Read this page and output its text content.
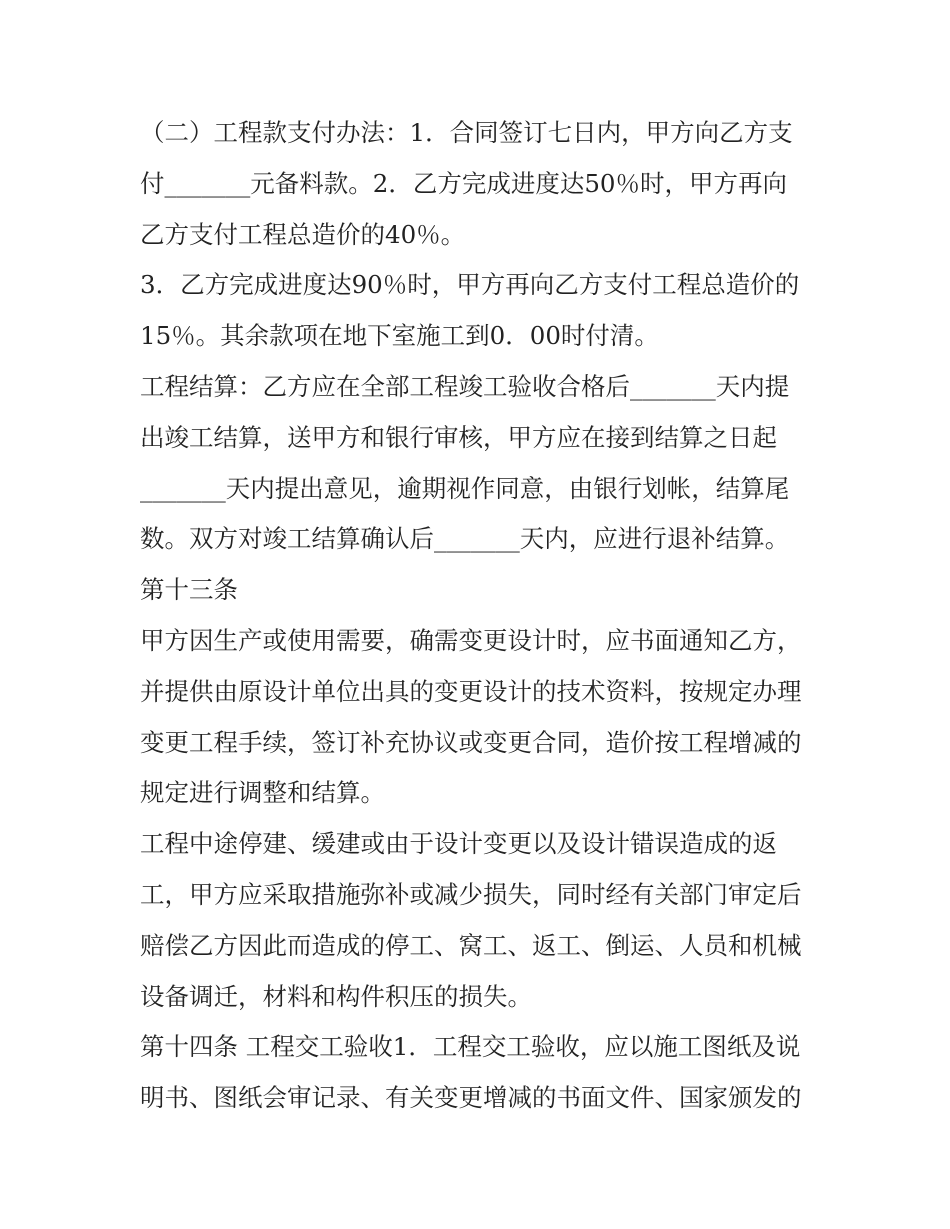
（二）工程款支付办法：1．合同签订七日内，甲方向乙方支
付_______元备料款。2．乙方完成进度达50％时，甲方再向
乙方支付工程总造价的40％。
3．乙方完成进度达90％时，甲方再向乙方支付工程总造价的
15％。其余款项在地下室施工到0．00时付清。
工程结算：乙方应在全部工程竣工验收合格后_______天内提
出竣工结算，送甲方和银行审核，甲方应在接到结算之日起
_______天内提出意见，逾期视作同意，由银行划帐，结算尾
数。双方对竣工结算确认后_______天内，应进行退补结算。
第十三条
甲方因生产或使用需要，确需变更设计时，应书面通知乙方，
并提供由原设计单位出具的变更设计的技术资料，按规定办理
变更工程手续，签订补充协议或变更合同，造价按工程增减的
规定进行调整和结算。
工程中途停建、缓建或由于设计变更以及设计错误造成的返
工，甲方应采取措施弥补或减少损失，同时经有关部门审定后
赔偿乙方因此而造成的停工、窝工、返工、倒运、人员和机械
设备调迁，材料和构件积压的损失。
第十四条 工程交工验收1．工程交工验收，应以施工图纸及说
明书、图纸会审记录、有关变更增减的书面文件、国家颁发的
